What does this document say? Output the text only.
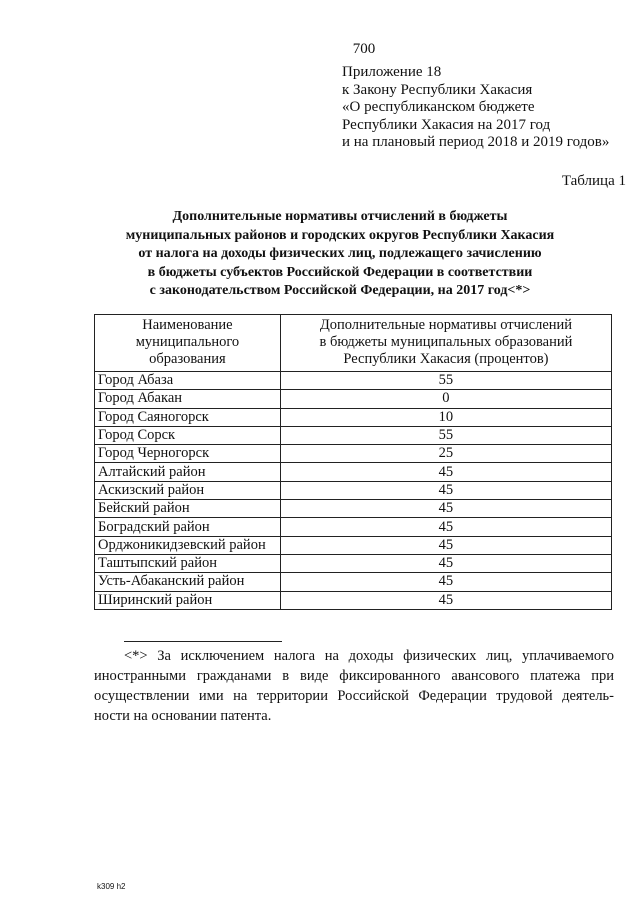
700
Приложение 18
к Закону Республики Хакасия
«О республиканском бюджете
Республики Хакасия на 2017 год
и на плановый период 2018 и 2019 годов»
Таблица 1
Дополнительные нормативы отчислений в бюджеты
муниципальных районов и городских округов Республики Хакасия
от налога на доходы физических лиц, подлежащего зачислению
в бюджеты субъектов Российской Федерации в соответствии
с законодательством Российской Федерации, на 2017 год<*>
Наименование
муниципального
образования	Дополнительные нормативы отчислений
в бюджеты муниципальных образований
Республики Хакасия (процентов)

Город Абаза	55
Город Абакан	0
Город Саяногорск	10
Город Сорск	55
Город Черногорск	25
Алтайский район	45
Аскизский район	45
Бейский район	45
Боградский район	45
Орджоникидзевский район	45
Таштыпский район	45
Усть-Абаканский район	45
Ширинский район	45
<*> За исключением налога на доходы физических лиц, уплачиваемого
иностранными гражданами в виде фиксированного авансового платежа при
осуществлении ими на территории Российской Федерации трудовой деятель-
ности на основании патента.
k309 h2
